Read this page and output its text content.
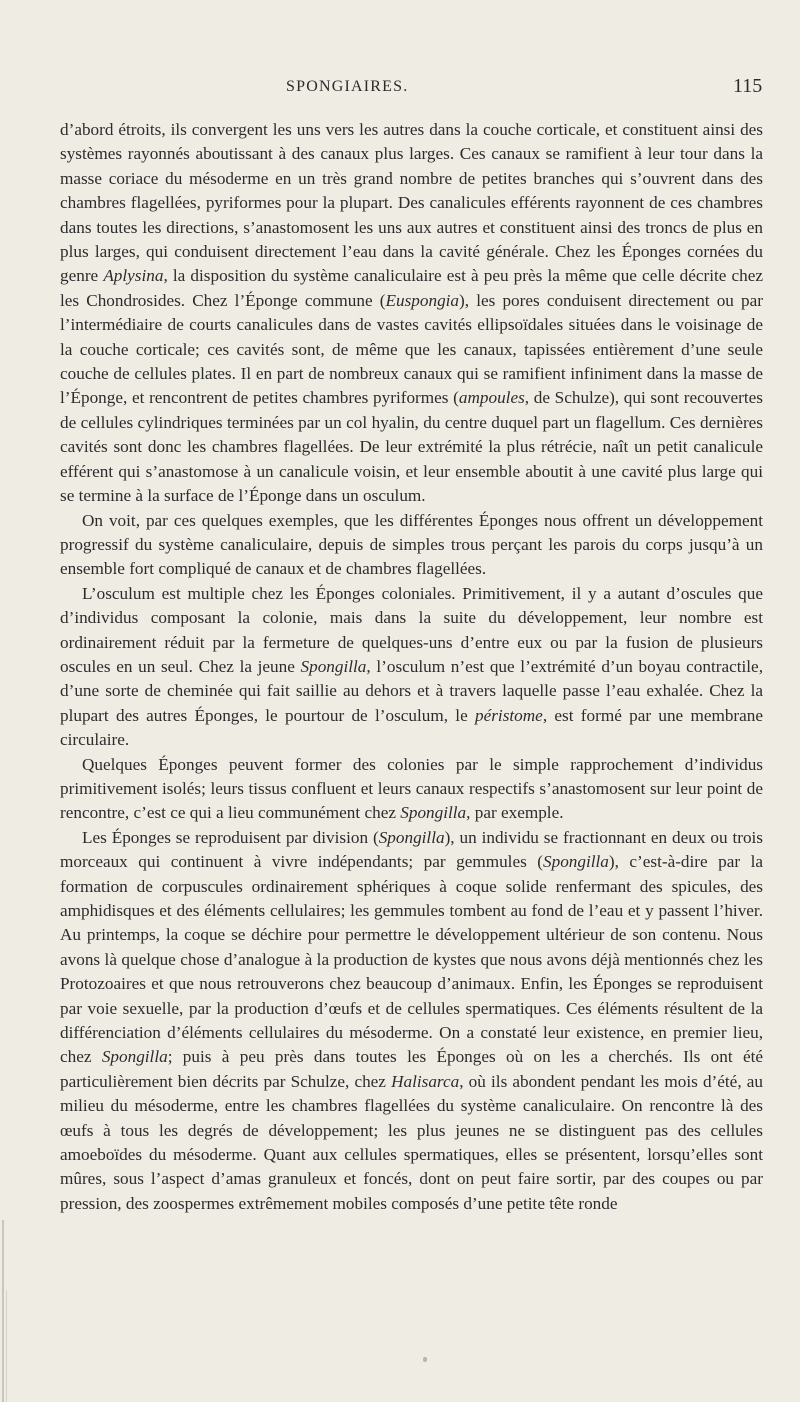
SPONGIAIRES.	115

d’abord étroits, ils convergent les uns vers les autres dans la couche corticale, et constituent ainsi des systèmes rayonnés aboutissant à des canaux plus larges. Ces canaux se ramifient à leur tour dans la masse coriace du mésoderme en un très grand nombre de petites branches qui s’ouvrent dans des chambres flagellées, pyriformes pour la plupart. Des canalicules efférents rayonnent de ces chambres dans toutes les directions, s’anastomosent les uns aux autres et constituent ainsi des troncs de plus en plus larges, qui conduisent directement l’eau dans la cavité générale. Chez les Éponges cornées du genre Aplysina, la disposition du système canaliculaire est à peu près la même que celle décrite chez les Chondrosides. Chez l’Éponge commune (Euspongia), les pores conduisent directement ou par l’intermédiaire de courts canalicules dans de vastes cavités ellipsoïdales situées dans le voisinage de la couche corticale; ces cavités sont, de même que les canaux, tapissées entièrement d’une seule couche de cellules plates. Il en part de nombreux canaux qui se ramifient infiniment dans la masse de l’Éponge, et rencontrent de petites chambres pyriformes (ampoules, de Schulze), qui sont recouvertes de cellules cylindriques terminées par un col hyalin, du centre duquel part un flagellum. Ces dernières cavités sont donc les chambres flagellées. De leur extrémité la plus rétrécie, naît un petit canalicule efférent qui s’anastomose à un canalicule voisin, et leur ensemble aboutit à une cavité plus large qui se termine à la surface de l’Éponge dans un osculum.

On voit, par ces quelques exemples, que les différentes Éponges nous offrent un développement progressif du système canaliculaire, depuis de simples trous perçant les parois du corps jusqu’à un ensemble fort compliqué de canaux et de chambres flagellées.

L’osculum est multiple chez les Éponges coloniales. Primitivement, il y a autant d’oscules que d’individus composant la colonie, mais dans la suite du développement, leur nombre est ordinairement réduit par la fermeture de quelques-uns d’entre eux ou par la fusion de plusieurs oscules en un seul. Chez la jeune Spongilla, l’osculum n’est que l’extrémité d’un boyau contractile, d’une sorte de cheminée qui fait saillie au dehors et à travers laquelle passe l’eau exhalée. Chez la plupart des autres Éponges, le pourtour de l’osculum, le péristome, est formé par une membrane circulaire.

Quelques Éponges peuvent former des colonies par le simple rapprochement d’individus primitivement isolés; leurs tissus confluent et leurs canaux respectifs s’anastomosent sur leur point de rencontre, c’est ce qui a lieu communément chez Spongilla, par exemple.

Les Éponges se reproduisent par division (Spongilla), un individu se fractionnant en deux ou trois morceaux qui continuent à vivre indépendants; par gemmules (Spongilla), c’est-à-dire par la formation de corpuscules ordinairement sphériques à coque solide renfermant des spicules, des amphidisques et des éléments cellulaires; les gemmules tombent au fond de l’eau et y passent l’hiver. Au printemps, la coque se déchire pour permettre le développement ultérieur de son contenu. Nous avons là quelque chose d’analogue à la production de kystes que nous avons déjà mentionnés chez les Protozoaires et que nous retrouverons chez beaucoup d’animaux. Enfin, les Éponges se reproduisent par voie sexuelle, par la production d’œufs et de cellules spermatiques. Ces éléments résultent de la différenciation d’éléments cellulaires du mésoderme. On a constaté leur existence, en premier lieu, chez Spongilla; puis à peu près dans toutes les Éponges où on les a cherchés. Ils ont été particulièrement bien décrits par Schulze, chez Halisarca, où ils abondent pendant les mois d’été, au milieu du mésoderme, entre les chambres flagellées du système canaliculaire. On rencontre là des œufs à tous les degrés de développement; les plus jeunes ne se distinguent pas des cellules amoeboïdes du mésoderme. Quant aux cellules spermatiques, elles se présentent, lorsqu’elles sont mûres, sous l’aspect d’amas granuleux et foncés, dont on peut faire sortir, par des coupes ou par pression, des zoospermes extrêmement mobiles composés d’une petite tête ronde
